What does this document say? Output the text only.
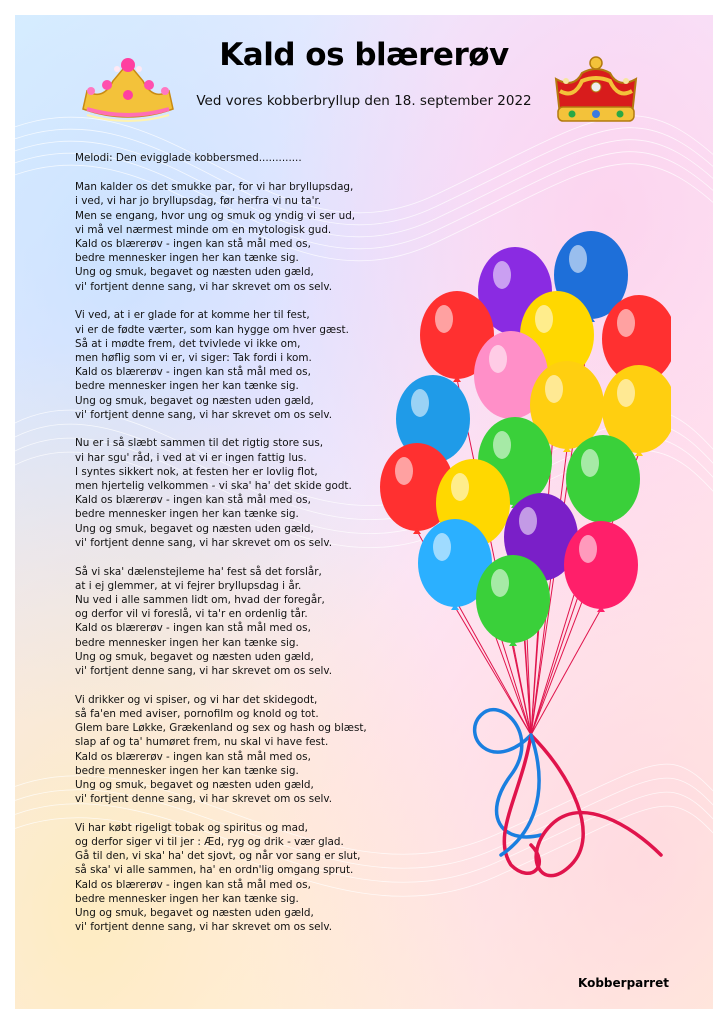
Kald os blærerøv
Ved vores kobberbryllup den 18. september 2022
Melodi: Den evigglade kobbersmed.............
Man kalder os det smukke par, for vi har bryllupsdag,
i ved, vi har jo bryllupsdag, før herfra vi nu ta'r.
Men se engang, hvor ung og smuk og yndig vi ser ud,
vi må vel nærmest minde om en mytologisk gud.
Kald os blærerøv - ingen kan stå mål med os,
bedre mennesker ingen her kan tænke sig.
Ung og smuk, begavet og næsten uden gæld,
vi' fortjent denne sang, vi har skrevet om os selv.
Vi ved, at i er glade for at komme her til fest,
vi er de fødte værter, som kan hygge om hver gæst.
Så at i mødte frem, det tvivlede vi ikke om,
men høflig som vi er, vi siger: Tak fordi i kom.
Kald os blærerøv - ingen kan stå mål med os,
bedre mennesker ingen her kan tænke sig.
Ung og smuk, begavet og næsten uden gæld,
vi' fortjent denne sang, vi har skrevet om os selv.
Nu er i så slæbt sammen til det rigtig store sus,
vi har sgu' råd, i ved at vi er ingen fattig lus.
I syntes sikkert nok, at festen her er lovlig flot,
men hjertelig velkommen - vi ska' ha' det skide godt.
Kald os blærerøv - ingen kan stå mål med os,
bedre mennesker ingen her kan tænke sig.
Ung og smuk, begavet og næsten uden gæld,
vi' fortjent denne sang, vi har skrevet om os selv.
Så vi ska' dælenstejleme ha' fest så det forslår,
at i ej glemmer, at vi fejrer bryllupsdag i år.
Nu ved i alle sammen lidt om, hvad der foregår,
og derfor vil vi foreslå, vi ta'r en ordenlig tår.
Kald os blærerøv - ingen kan stå mål med os,
bedre mennesker ingen her kan tænke sig.
Ung og smuk, begavet og næsten uden gæld,
vi' fortjent denne sang, vi har skrevet om os selv.
Vi drikker og vi spiser, og vi har det skidegodt,
så fa'en med aviser, pornofilm og knold og tot.
Glem bare Løkke, Grækenland og sex og hash og blæst,
slap af og ta' humøret frem, nu skal vi have fest.
Kald os blærerøv - ingen kan stå mål med os,
bedre mennesker ingen her kan tænke sig.
Ung og smuk, begavet og næsten uden gæld,
vi' fortjent denne sang, vi har skrevet om os selv.
Vi har købt rigeligt tobak og spiritus og mad,
og derfor siger vi til jer : Æd, ryg og drik - vær glad.
Gå til den, vi ska' ha' det sjovt, og når vor sang er slut,
så ska' vi alle sammen, ha' en ordn'lig omgang sprut.
Kald os blærerøv - ingen kan stå mål med os,
bedre mennesker ingen her kan tænke sig.
Ung og smuk, begavet og næsten uden gæld,
vi' fortjent denne sang, vi har skrevet om os selv.
Kobberparret
